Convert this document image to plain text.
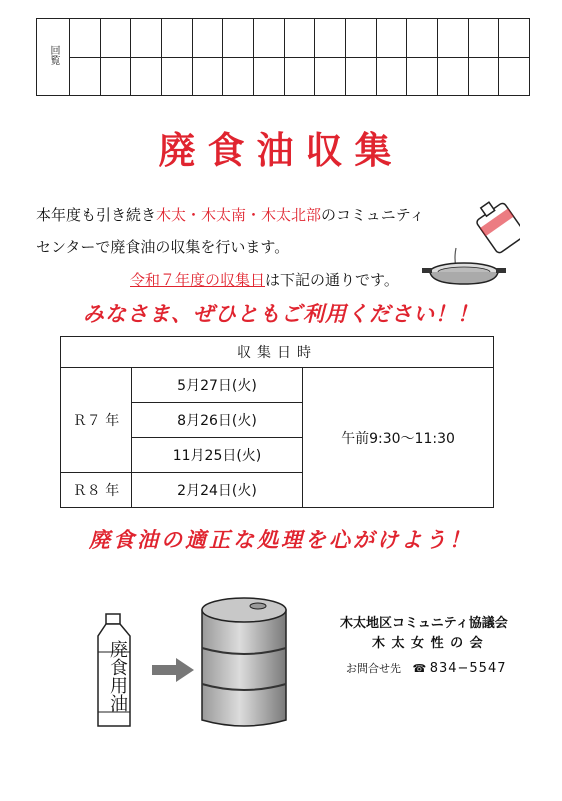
回覧															

廃食油収集
本年度も引き続き木太・木太南・木太北部のコミュニティ
センターで廃食油の収集を行います。
令和７年度の収集日は下記の通りです。
みなさま、ぜひともご利用ください！！
収集日時		
Ｒ７ 年	5月27日(火)	午前9:30〜11:30
	8月26日(火)	
	11月25日(火)	
Ｒ８ 年	2月24日(火)	
廃食油の適正な処理を心がけよう！
廃食用油
木太地区コミュニティ協議会
木 太 女 性 の 会
お問合せ先 ☎ 834−5547
